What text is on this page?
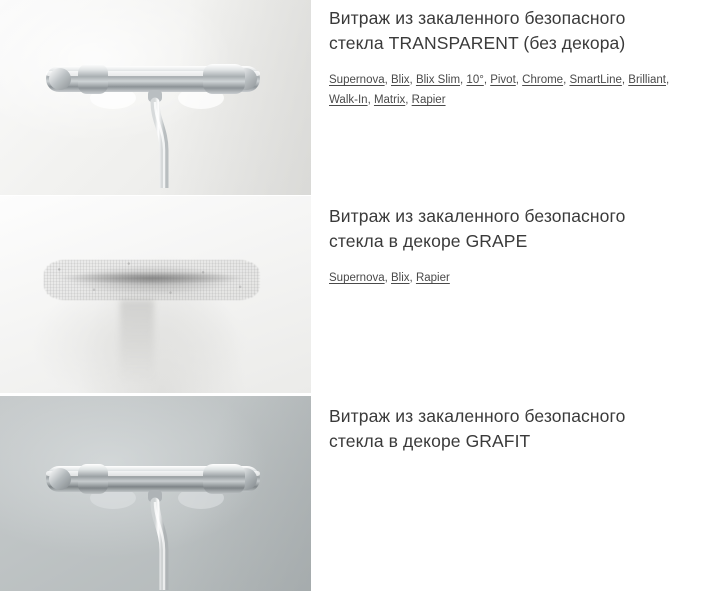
Витраж из закаленного безопасного стекла TRANSPARENT (без декора)
Supernova, Blix, Blix Slim, 10°, Pivot, Chrome, SmartLine, Brilliant, Walk-In, Matrix, Rapier
Витраж из закаленного безопасного стекла в декоре GRAPE
Supernova, Blix, Rapier
Витраж из закаленного безопасного стекла в декоре GRAFIT
